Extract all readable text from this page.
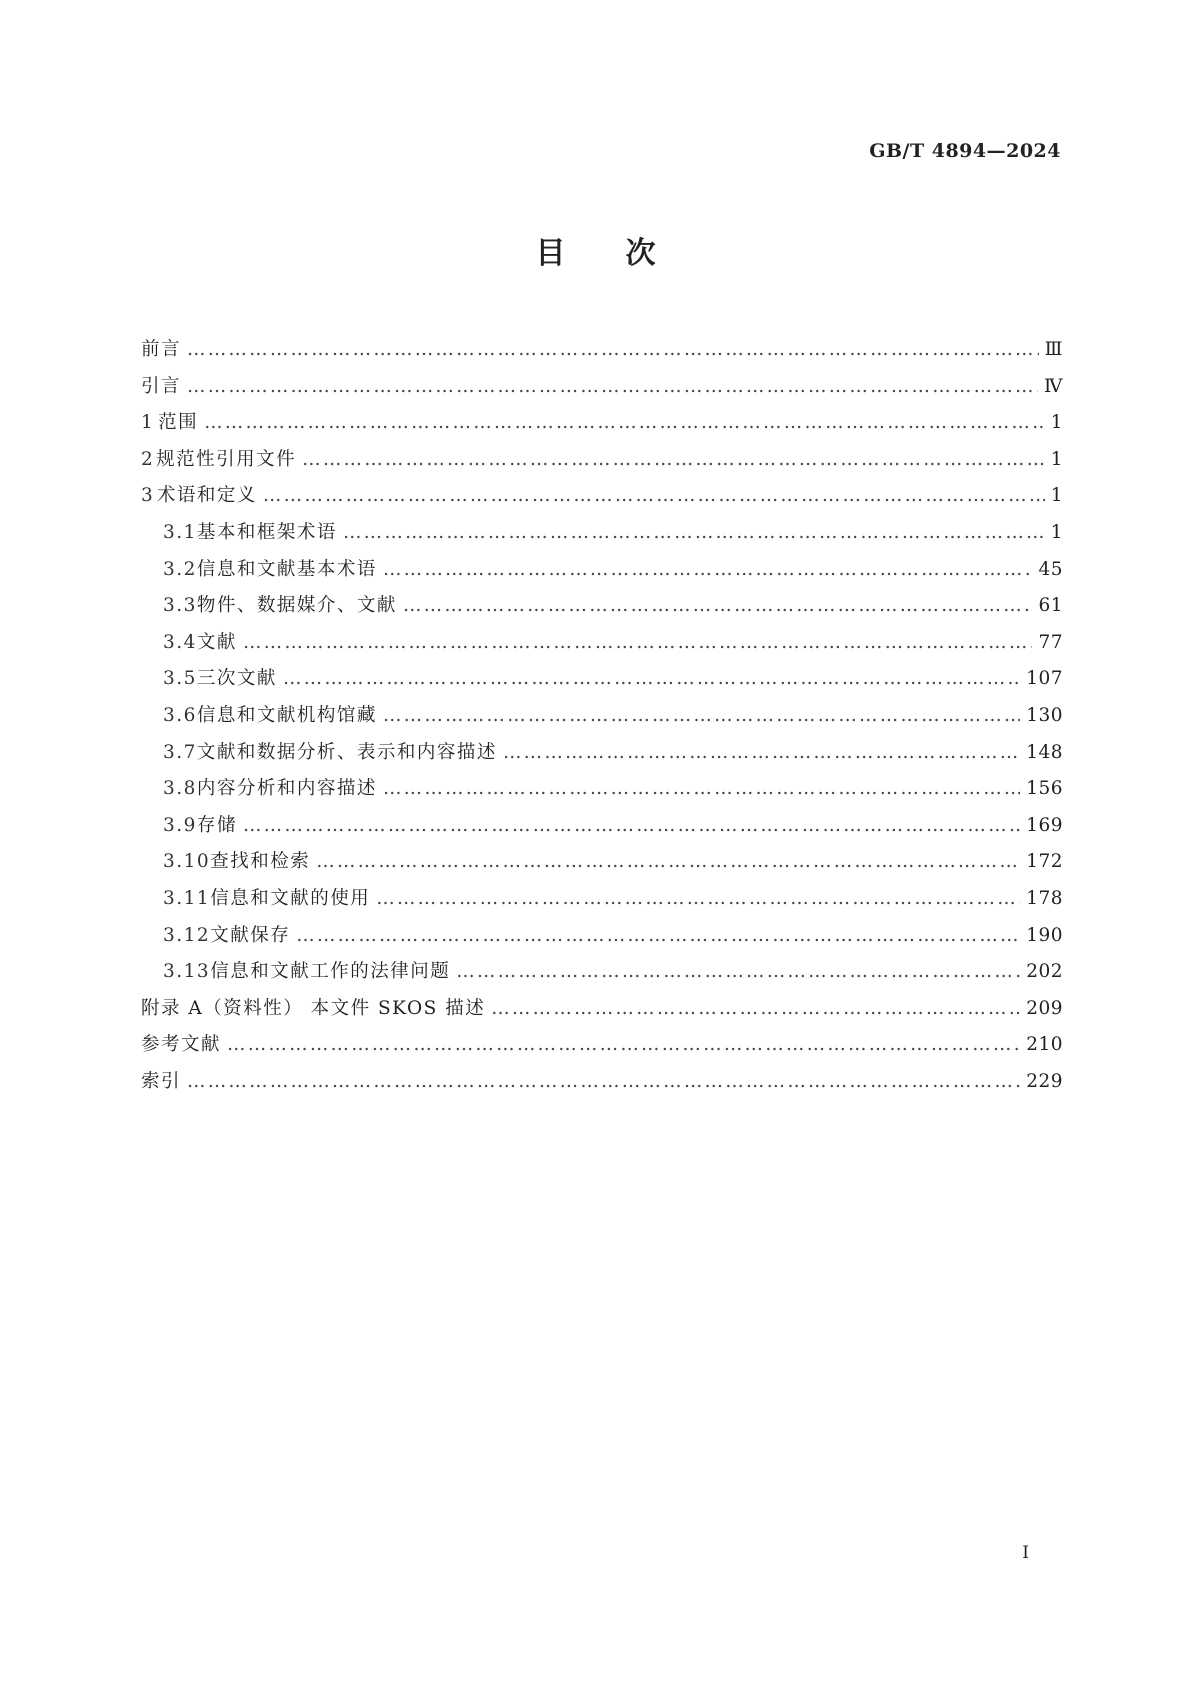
GB/T 4894—2024
目 次
前言 …………………………………………………………………………………………………………………………………………………………………………………………………………	Ⅲ
引言 …………………………………………………………………………………………………………………………………………………………………………………………………………	Ⅳ
1 范围 …………………………………………………………………………………………………………………………………………………………………………………………………………	1
2 规范性引用文件 …………………………………………………………………………………………………………………………………………………………………………………………………………	1
3 术语和定义 …………………………………………………………………………………………………………………………………………………………………………………………………………	1
3.1 基本和框架术语 …………………………………………………………………………………………………………………………………………………………………………………………………………	1
3.2 信息和文献基本术语 …………………………………………………………………………………………………………………………………………………………………………………………………………	45
3.3 物件、数据媒介、文献 …………………………………………………………………………………………………………………………………………………………………………………………………………	61
3.4 文献 …………………………………………………………………………………………………………………………………………………………………………………………………………	77
3.5 三次文献 …………………………………………………………………………………………………………………………………………………………………………………………………………	107
3.6 信息和文献机构馆藏 …………………………………………………………………………………………………………………………………………………………………………………………………………	130
3.7 文献和数据分析、表示和内容描述 …………………………………………………………………………………………………………………………………………………………………………………………………………	148
3.8 内容分析和内容描述 …………………………………………………………………………………………………………………………………………………………………………………………………………	156
3.9 存储 …………………………………………………………………………………………………………………………………………………………………………………………………………	169
3.10 查找和检索 …………………………………………………………………………………………………………………………………………………………………………………………………………	172
3.11 信息和文献的使用 …………………………………………………………………………………………………………………………………………………………………………………………………………	178
3.12 文献保存 …………………………………………………………………………………………………………………………………………………………………………………………………………	190
3.13 信息和文献工作的法律问题 …………………………………………………………………………………………………………………………………………………………………………………………………………	202
附录 A（资料性） 本文件 SKOS 描述 …………………………………………………………………………………………………………………………………………………………………………………………………………	209
参考文献 …………………………………………………………………………………………………………………………………………………………………………………………………………	210
索引 …………………………………………………………………………………………………………………………………………………………………………………………………………	229
I
